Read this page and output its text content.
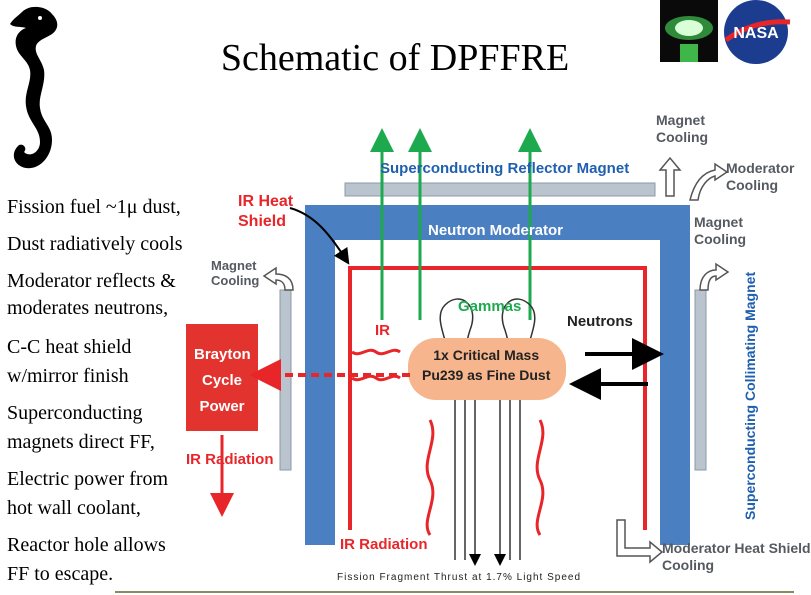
NASA
Schematic of DPFFRE
Fission fuel ~1μ dust,
Dust radiatively cools
Moderator reflects &
moderates neutrons,
C-C heat shield
w/mirror finish
Superconducting
magnets direct FF,
Electric power from
hot wall coolant,
Reactor hole allows
FF to escape.
Superconducting Reflector Magnet
Neutron Moderator
IR Heat
Shield
Magnet
Cooling
Moderator
Cooling
Magnet
Cooling
Magnet
Cooling	Superconducting Collimating Magnet
Gammas
IR
Neutrons
1x Critical Mass
Pu239 as Fine Dust
Brayton
Cycle
Power
IR Radiation
IR Radiation	Moderator Heat Shield
Cooling
Fission Fragment Thrust at 1.7% Light Speed
